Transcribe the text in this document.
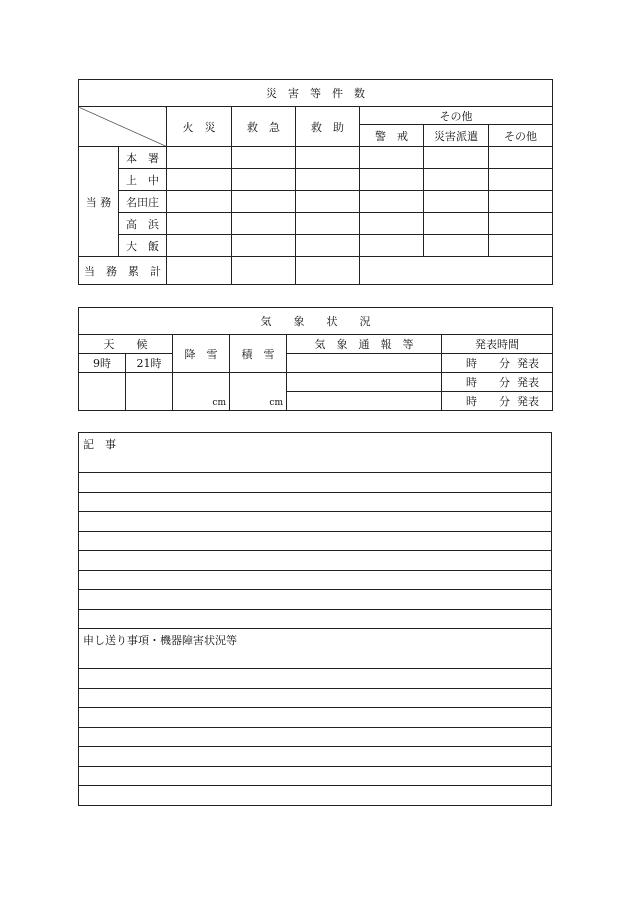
災　害　等　件　数							
		火　災	救　急	救　助	その他		
					警　戒	災害派遣	その他
当 務	本　署						
	上　中						
	名田庄						
	高　浜						
	大　飯						
当　務　累　計							
気　　象　　状　　況					
天　　候		降　雪	積　雪	気　象　通　報　等	発表時間
9時	21時				時 分 発表
		cm	cm		時 分 発表
					時 分 発表
記　事

申し送り事項・機器障害状況等
